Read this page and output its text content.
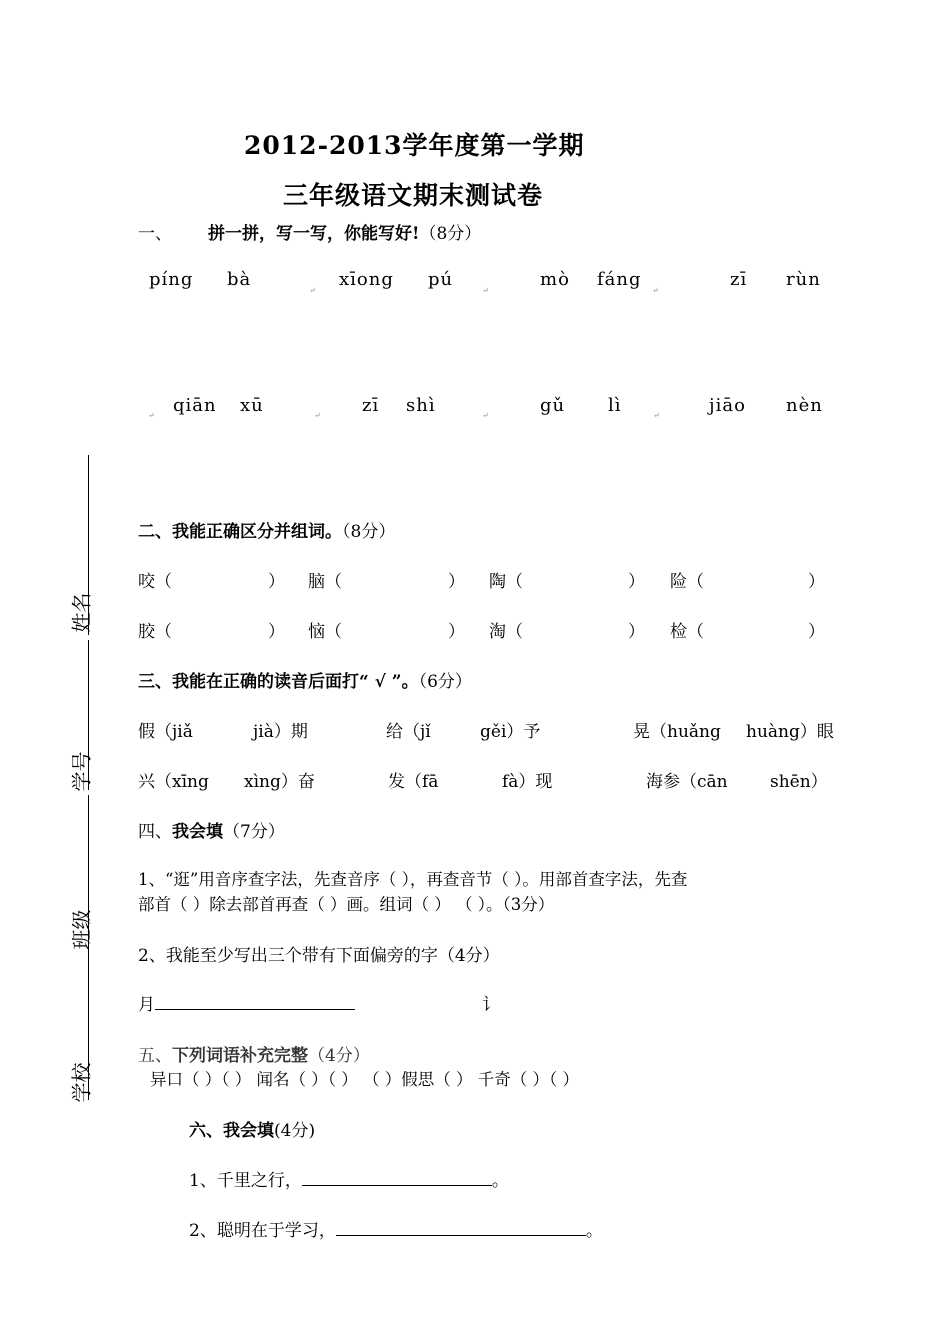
2012-2013学年度第一学期
三年级语文期末测试卷
姓名
学号
班级
学校
一、 拼一拼，写一写，你能写好!（8分）
píng bà	xīong pú	mò fáng	zī rùn
↵	↵	↵
qiān xū	zī shì	gǔ lì	jiāo nèn
↵	↵	↵	↵
二、我能正确区分并组词。（8分）
咬（	） 脑（	） 陶（	） 险（	）
胶（	） 恼（	） 淘（	） 检（	）
三、我能在正确的读音后面打“ √ ”。（6分）
假（jiǎ	jià）期	给（jǐ	gěi）予	晃（huǎng huàng）眼
兴（xīng xìng）奋	发（fā	fà）现	海参（cān shēn）
四、我会填（7分）
1、“逛”用音序查字法，先查音序（ ），再查音节（ ）。用部首查字法，先查
部首（ ）除去部首再查（ ）画。组词（ ） （ ）。（3分）
2、我能至少写出三个带有下面偏旁的字（4分）
月	讠
五、下列词语补充完整（4分）
异口（ ）（ ） 闻名（ ）（ ） （ ）假思（ ） 千奇（ ）（ ）
六、我会填(4分)
1、千里之行，	。
2、聪明在于学习，	。
